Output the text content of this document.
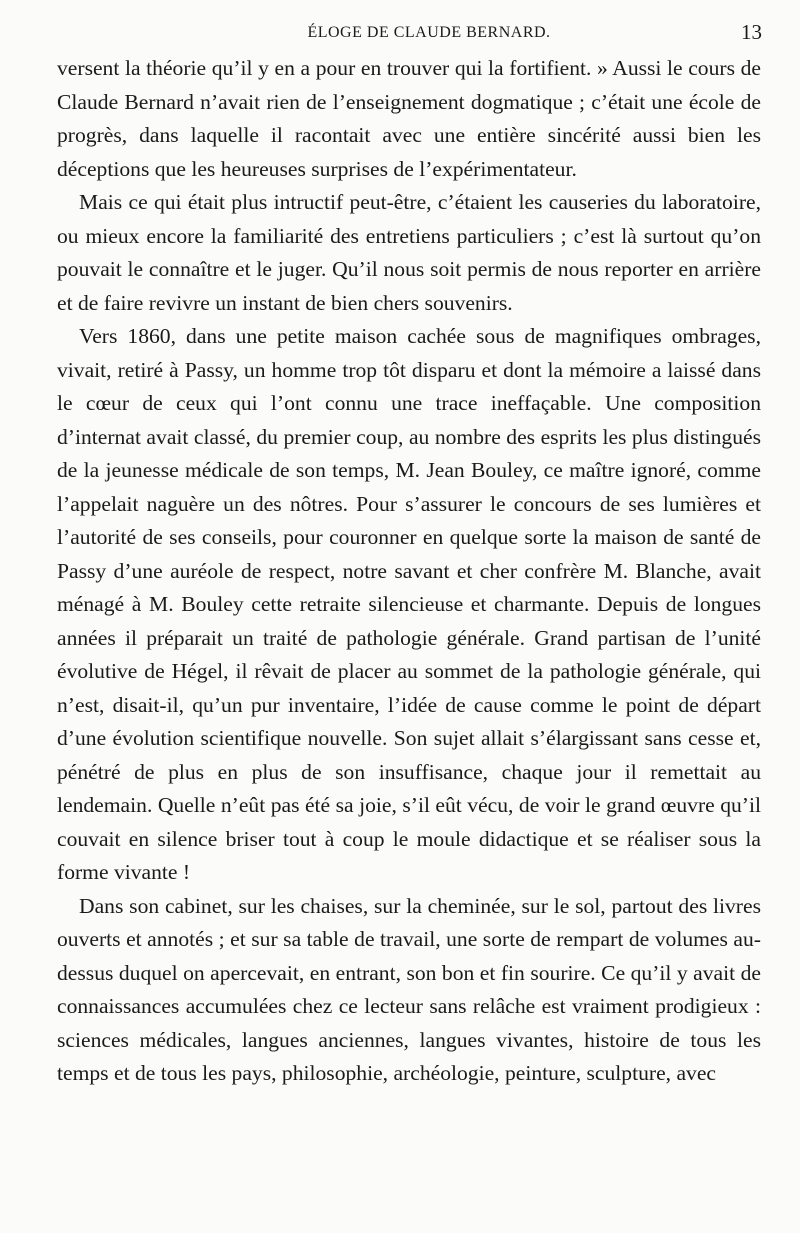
ÉLOGE DE CLAUDE BERNARD.	13

versent la théorie qu’il y en a pour en trouver qui la fortifient. » Aussi le cours de Claude Bernard n’avait rien de l’enseignement dogmatique ; c’était une école de progrès, dans laquelle il racontait avec une entière sincérité aussi bien les déceptions que les heureuses surprises de l’expérimentateur.

Mais ce qui était plus intructif peut-être, c’étaient les causeries du laboratoire, ou mieux encore la familiarité des entretiens particuliers ; c’est là surtout qu’on pouvait le connaître et le juger. Qu’il nous soit permis de nous reporter en arrière et de faire revivre un instant de bien chers souvenirs.

Vers 1860, dans une petite maison cachée sous de magnifiques ombrages, vivait, retiré à Passy, un homme trop tôt disparu et dont la mémoire a laissé dans le cœur de ceux qui l’ont connu une trace ineffaçable. Une composition d’internat avait classé, du premier coup, au nombre des esprits les plus distingués de la jeunesse médicale de son temps, M. Jean Bouley, ce maître ignoré, comme l’appelait naguère un des nôtres. Pour s’assurer le concours de ses lumières et l’autorité de ses conseils, pour couronner en quelque sorte la maison de santé de Passy d’une auréole de respect, notre savant et cher confrère M. Blanche, avait ménagé à M. Bouley cette retraite silencieuse et charmante. Depuis de longues années il préparait un traité de pathologie générale. Grand partisan de l’unité évolutive de Hégel, il rêvait de placer au sommet de la pathologie générale, qui n’est, disait-il, qu’un pur inventaire, l’idée de cause comme le point de départ d’une évolution scientifique nouvelle. Son sujet allait s’élargissant sans cesse et, pénétré de plus en plus de son insuffisance, chaque jour il remettait au lendemain. Quelle n’eût pas été sa joie, s’il eût vécu, de voir le grand œuvre qu’il couvait en silence briser tout à coup le moule didactique et se réaliser sous la forme vivante !

Dans son cabinet, sur les chaises, sur la cheminée, sur le sol, partout des livres ouverts et annotés ; et sur sa table de travail, une sorte de rempart de volumes au-dessus duquel on apercevait, en entrant, son bon et fin sourire. Ce qu’il y avait de connaissances accumulées chez ce lecteur sans relâche est vraiment prodigieux : sciences médicales, langues anciennes, langues vivantes, histoire de tous les temps et de tous les pays, philosophie, archéologie, peinture, sculpture, avec
